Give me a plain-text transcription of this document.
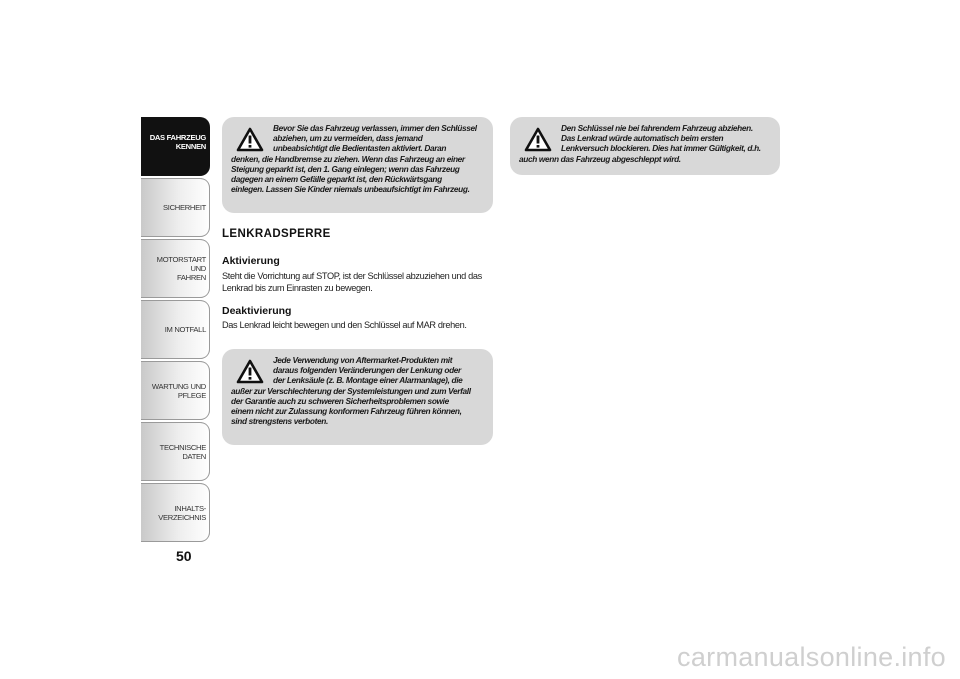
DAS FAHRZEUG
KENNEN
SICHERHEIT
MOTORSTART UND
FAHREN
IM NOTFALL
WARTUNG UND
PFLEGE
TECHNISCHE DATEN
INHALTS-
VERZEICHNIS
50
Bevor Sie das Fahrzeug verlassen, immer den Schlüssel
abziehen, um zu vermeiden, dass jemand
unbeabsichtigt die Bedientasten aktiviert. Daran
denken, die Handbremse zu ziehen. Wenn das Fahrzeug an einer
Steigung geparkt ist, den 1. Gang einlegen; wenn das Fahrzeug
dagegen an einem Gefälle geparkt ist, den Rückwärtsgang
einlegen. Lassen Sie Kinder niemals unbeaufsichtigt im Fahrzeug.
LENKRADSPERRE
Aktivierung
Steht die Vorrichtung auf STOP, ist der Schlüssel abzuziehen und das
Lenkrad bis zum Einrasten zu bewegen.
Deaktivierung
Das Lenkrad leicht bewegen und den Schlüssel auf MAR drehen.
Jede Verwendung von Aftermarket-Produkten mit
daraus folgenden Veränderungen der Lenkung oder
der Lenksäule (z. B. Montage einer Alarmanlage), die
außer zur Verschlechterung der Systemleistungen und zum Verfall
der Garantie auch zu schweren Sicherheitsproblemen sowie
einem nicht zur Zulassung konformen Fahrzeug führen können,
sind strengstens verboten.
Den Schlüssel nie bei fahrendem Fahrzeug abziehen.
Das Lenkrad würde automatisch beim ersten
Lenkversuch blockieren. Dies hat immer Gültigkeit, d.h.
auch wenn das Fahrzeug abgeschleppt wird.
carmanualsonline.info
